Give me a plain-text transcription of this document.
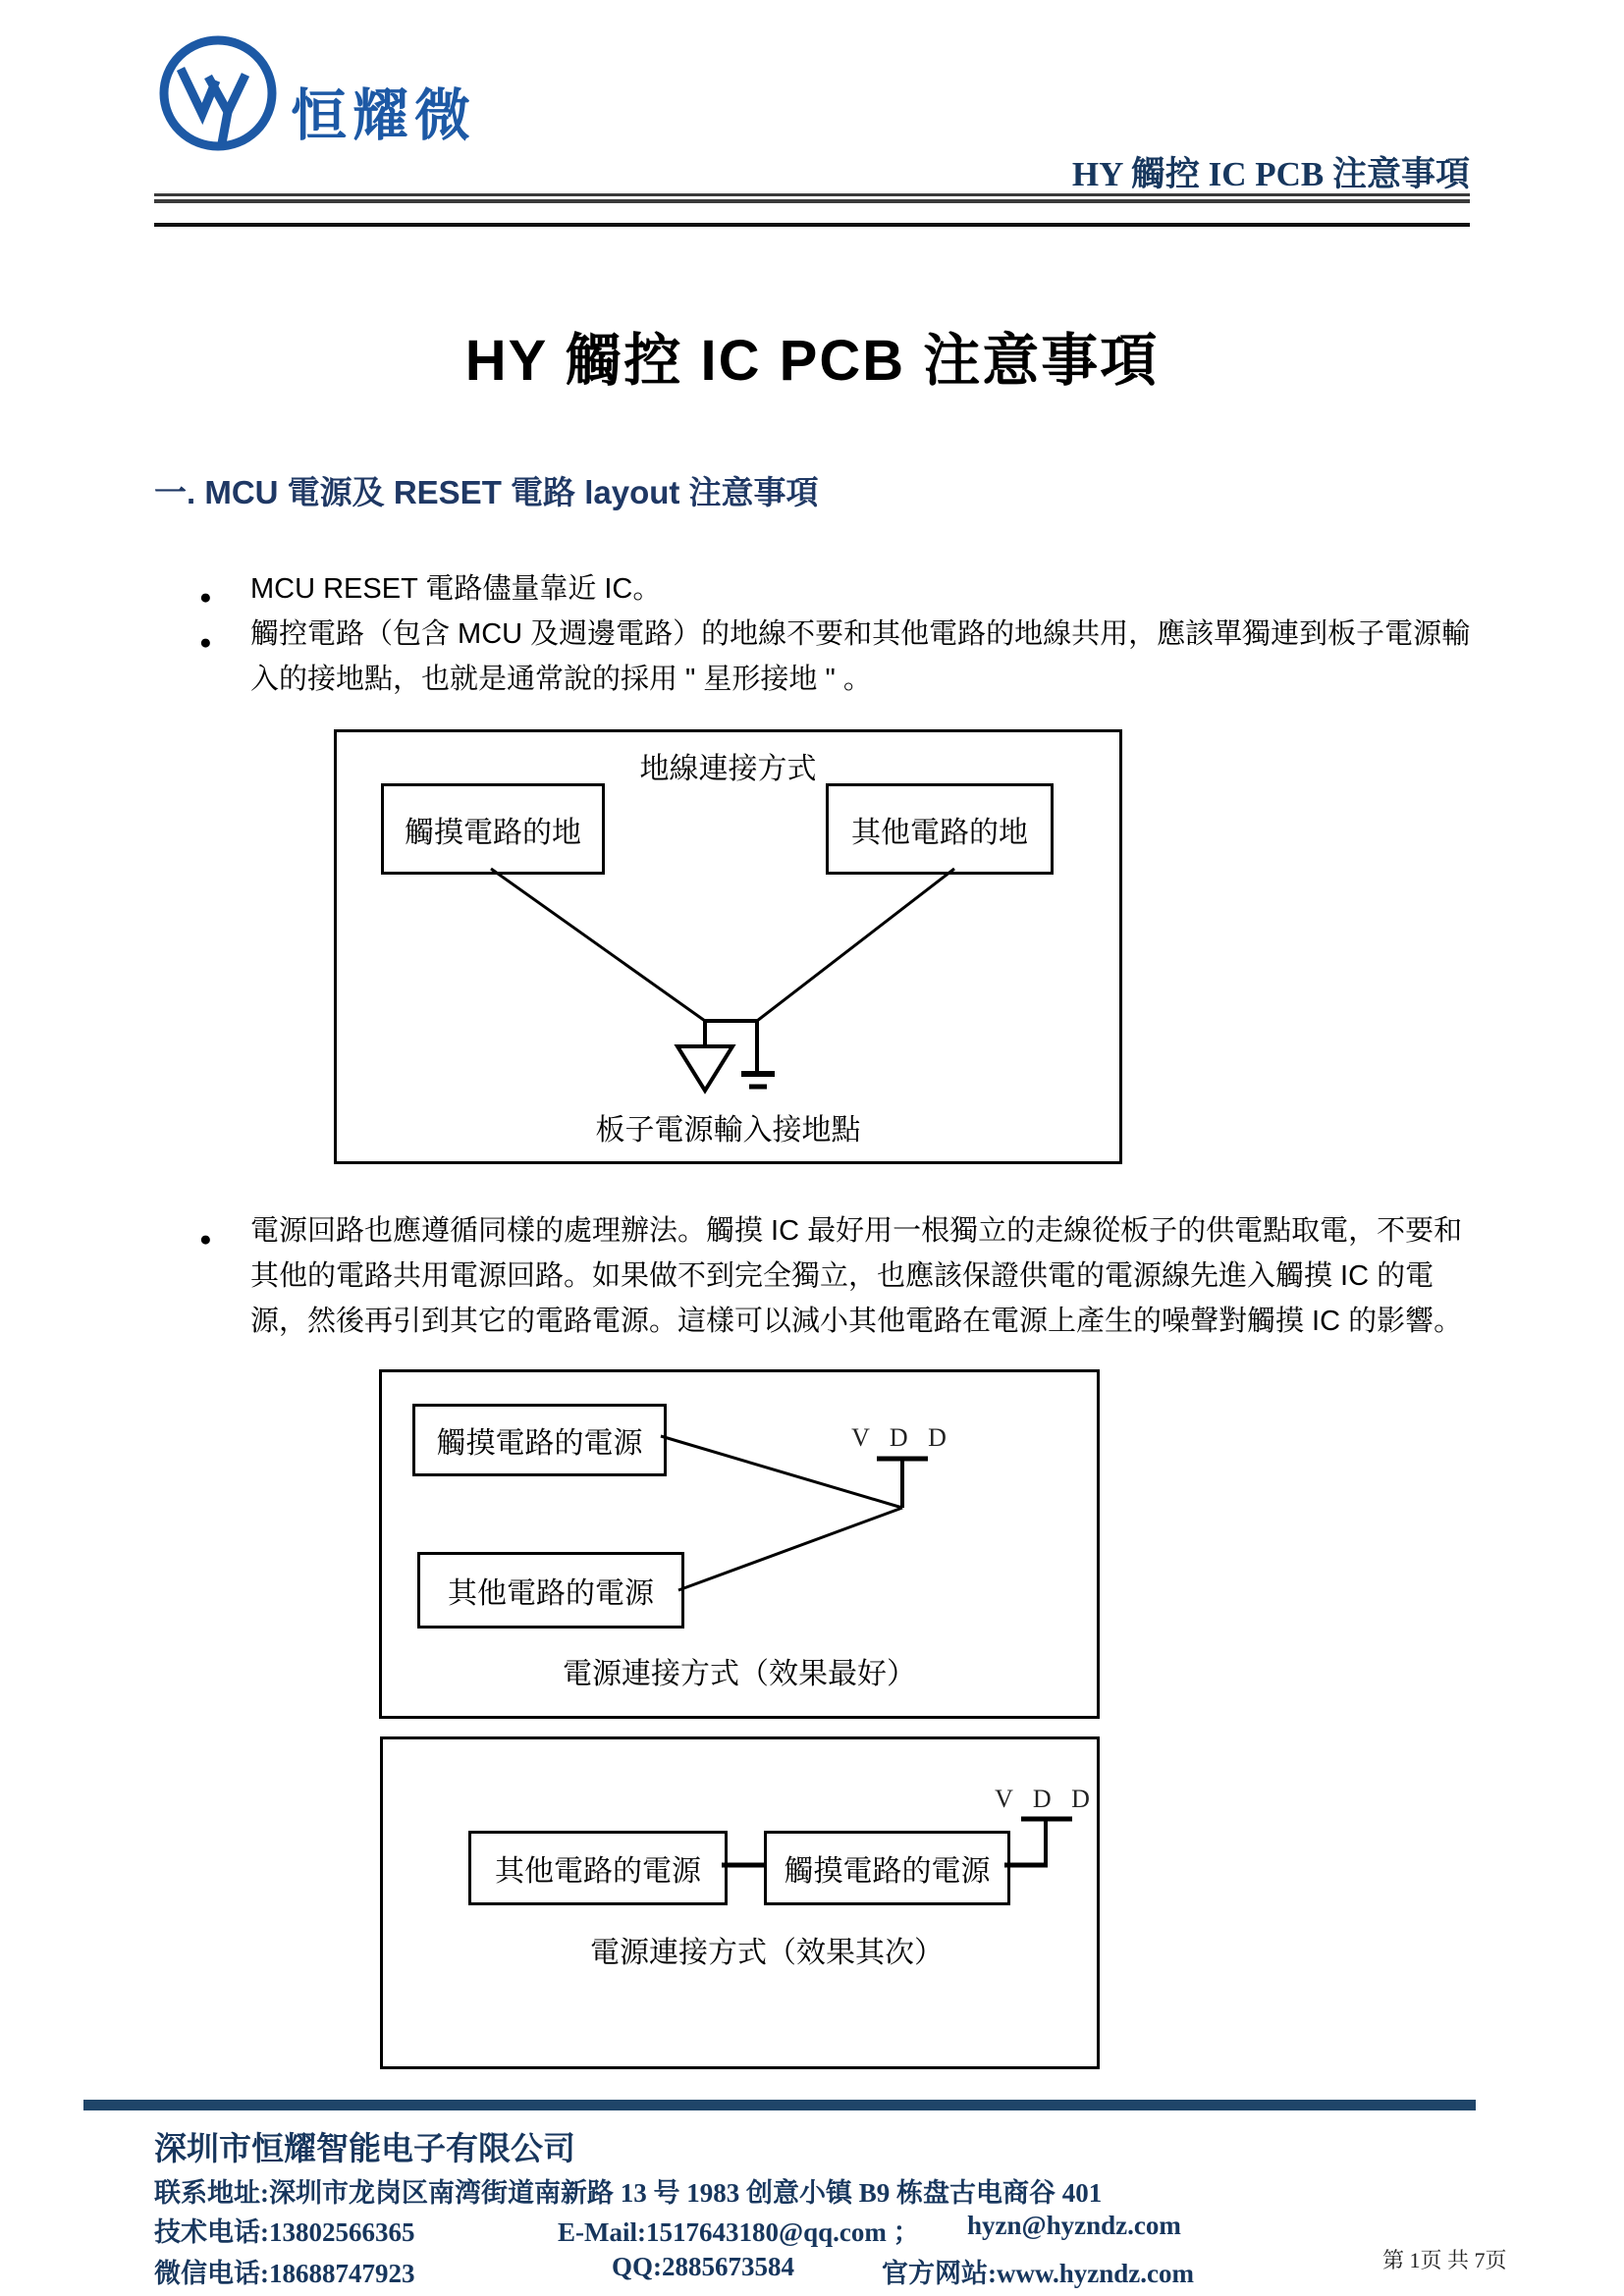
恒耀微
HY 觸控 IC PCB 注意事項
HY 觸控 IC PCB 注意事項
一. MCU 電源及 RESET 電路 layout 注意事項
● MCU RESET 電路儘量靠近 IC。
● 觸控電路（包含 MCU 及週邊電路）的地線不要和其他電路的地線共用，應該單獨連到板子電源輸入的接地點，也就是通常說的採用 " 星形接地 " 。
● 電源回路也應遵循同樣的處理辦法。觸摸 IC 最好用一根獨立的走線從板子的供電點取電，不要和其他的電路共用電源回路。如果做不到完全獨立，也應該保證供電的電源線先進入觸摸 IC 的電源，然後再引到其它的電路電源。這樣可以減小其他電路在電源上產生的噪聲對觸摸 IC 的影響。
地線連接方式
觸摸電路的地	其他電路的地
板子電源輸入接地點
V D D
觸摸電路的電源
其他電路的電源
電源連接方式（效果最好）
V D D
其他電路的電源	觸摸電路的電源
電源連接方式（效果其次）
深圳市恒耀智能电子有限公司
联系地址:深圳市龙岗区南湾街道南新路 13 号 1983 创意小镇 B9 栋盘古电商谷 401
技术电话:13802566365	E-Mail:1517643180@qq.com ； hyzn@hyzndz.com
微信电话:18688747923	QQ:2885673584	官方网站:www.hyzndz.com	第 1页 共 7页
